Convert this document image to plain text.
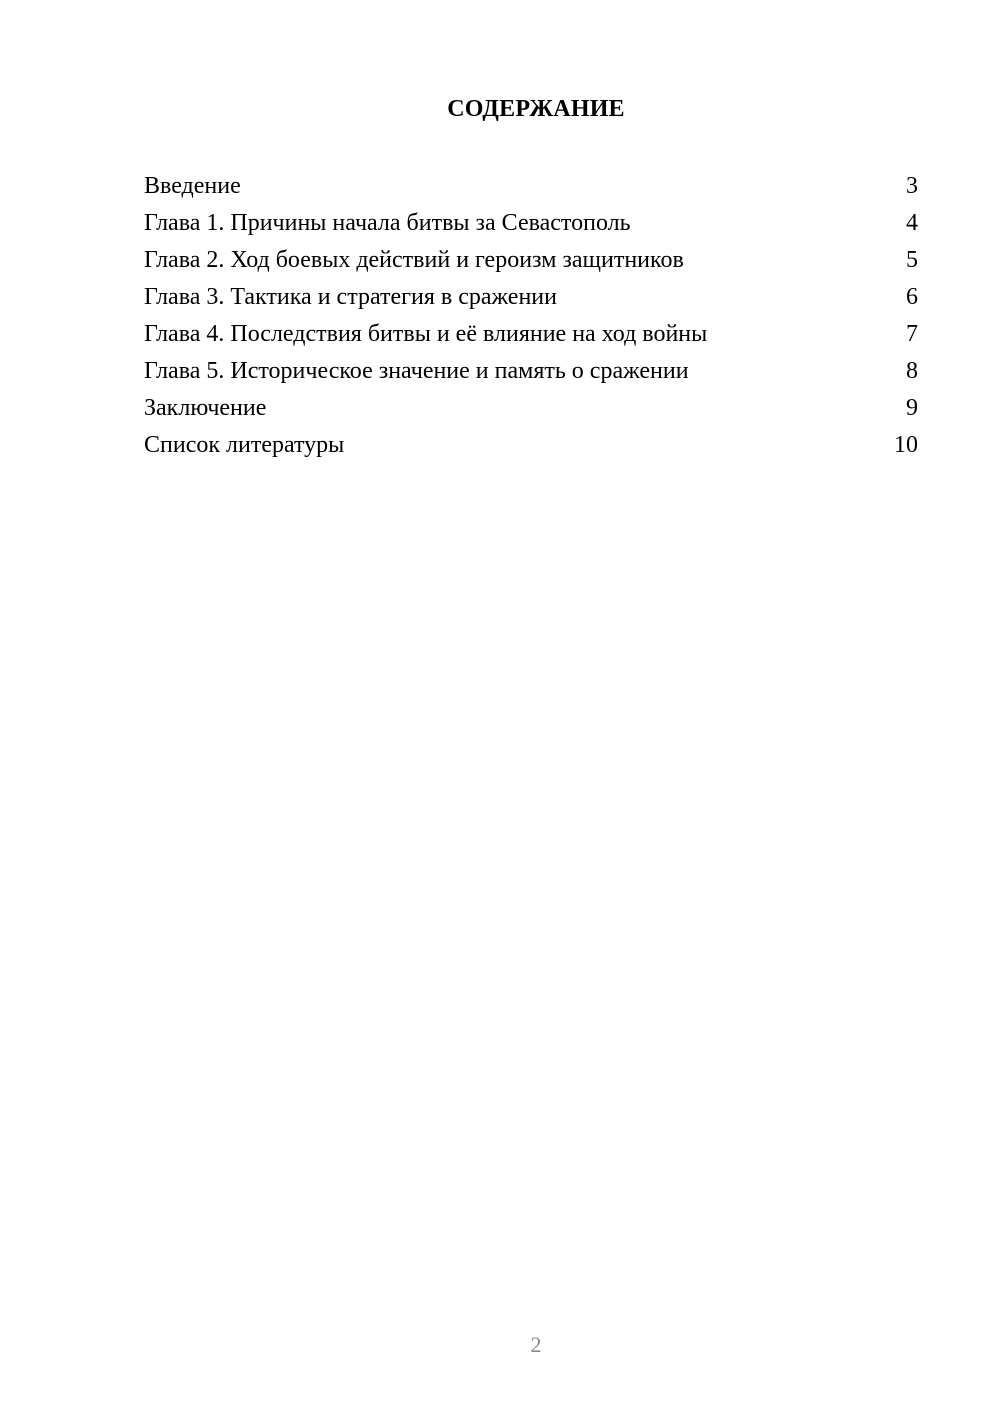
СОДЕРЖАНИЕ
Введение	3
Глава 1. Причины начала битвы за Севастополь	4
Глава 2. Ход боевых действий и героизм защитников	5
Глава 3. Тактика и стратегия в сражении	6
Глава 4. Последствия битвы и её влияние на ход войны	7
Глава 5. Историческое значение и память о сражении	8
Заключение	9
Список литературы	10
2
